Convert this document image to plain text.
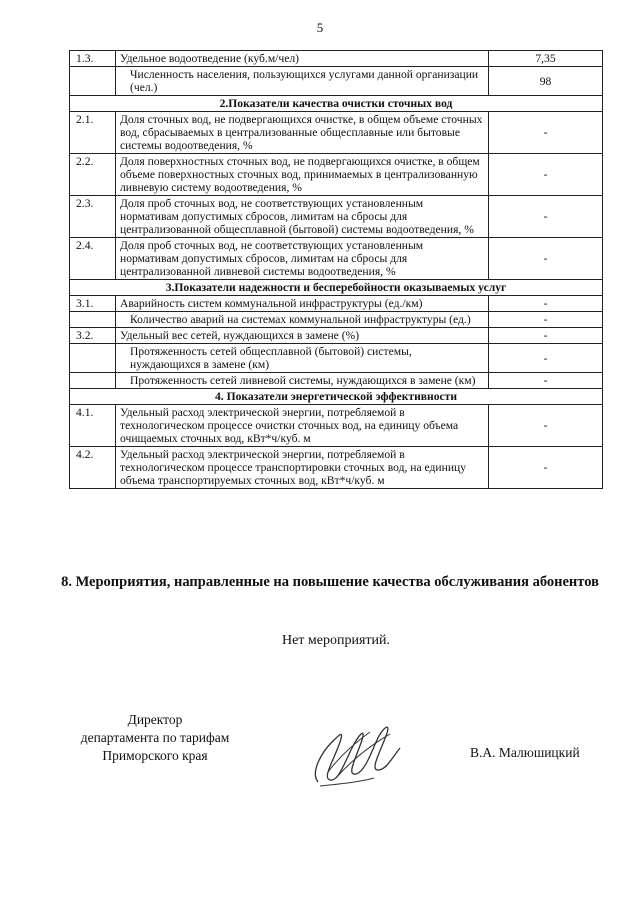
5
1.3.	Удельное водоотведение (куб.м/чел)	7,35
	Численность населения, пользующихся услугами данной организации (чел.)	98
2.Показатели качества очистки сточных вод		
2.1.	Доля сточных вод, не подвергающихся очистке, в общем объеме сточных вод, сбрасываемых в централизованные общесплавные или бытовые системы водоотведения, %	-
2.2.	Доля поверхностных сточных вод, не подвергающихся очистке, в общем объеме поверхностных сточных вод, принимаемых в централизованную ливневую систему водоотведения, %	-
2.3.	Доля проб сточных вод, не соответствующих установленным нормативам допустимых сбросов, лимитам на сбросы для централизованной общесплавной (бытовой) системы водоотведения, %	-
2.4.	Доля проб сточных вод, не соответствующих установленным нормативам допустимых сбросов, лимитам на сбросы для централизованной ливневой системы водоотведения, %	-
3.Показатели надежности и бесперебойности оказываемых услуг		
3.1.	Аварийность систем коммунальной инфраструктуры (ед./км)	-
	Количество аварий на системах коммунальной инфраструктуры (ед.)	-
3.2.	Удельный вес сетей, нуждающихся в замене (%)	-
	Протяженность сетей общесплавной (бытовой) системы, нуждающихся в замене (км)	-
	Протяженность сетей ливневой системы, нуждающихся в замене (км)	-
4. Показатели энергетической эффективности		
4.1.	Удельный расход электрической энергии, потребляемой в технологическом процессе очистки сточных вод, на единицу объема очищаемых сточных вод, кВт*ч/куб. м	-
4.2.	Удельный расход электрической энергии, потребляемой в технологическом процессе транспортировки сточных вод, на единицу объема транспортируемых сточных вод, кВт*ч/куб. м	-
8. Мероприятия, направленные на повышение качества обслуживания абонентов
Нет мероприятий.
Директор
департамента по тарифам
Приморского края	В.А. Малюшицкий
